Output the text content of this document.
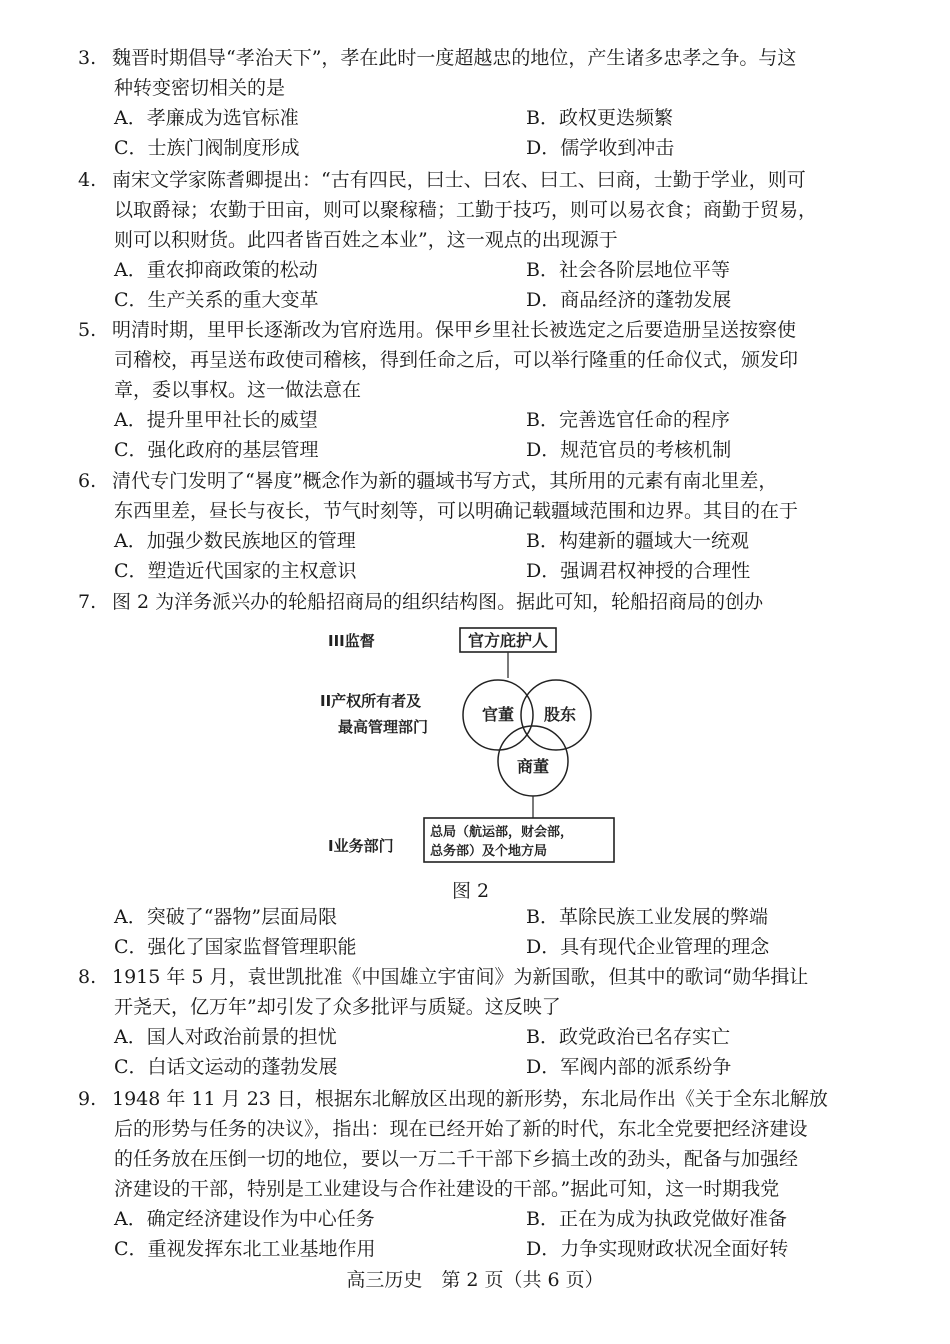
3. 魏晋时期倡导“孝治天下”，孝在此时一度超越忠的地位，产生诸多忠孝之争。与这
种转变密切相关的是
A．孝廉成为选官标准	B．政权更迭频繁
C．士族门阀制度形成	D．儒学收到冲击
4. 南宋文学家陈耆卿提出：“古有四民，曰士、曰农、曰工、曰商，士勤于学业，则可
以取爵禄；农勤于田亩，则可以聚稼穑；工勤于技巧，则可以易衣食；商勤于贸易，
则可以积财货。此四者皆百姓之本业”，这一观点的出现源于
A．重农抑商政策的松动	B．社会各阶层地位平等
C．生产关系的重大变革	D．商品经济的蓬勃发展
5. 明清时期，里甲长逐渐改为官府选用。保甲乡里社长被选定之后要造册呈送按察使
司稽校，再呈送布政使司稽核，得到任命之后，可以举行隆重的任命仪式，颁发印
章，委以事权。这一做法意在
A．提升里甲社长的威望	B．完善选官任命的程序
C．强化政府的基层管理	D．规范官员的考核机制
6. 清代专门发明了“晷度”概念作为新的疆域书写方式，其所用的元素有南北里差，
东西里差，昼长与夜长，节气时刻等，可以明确记载疆域范围和边界。其目的在于
A．加强少数民族地区的管理	B．构建新的疆域大一统观
C．塑造近代国家的主权意识	D．强调君权神授的合理性
7. 图 2 为洋务派兴办的轮船招商局的组织结构图。据此可知，轮船招商局的创办
III监督	官方庇护人
II产权所有者及
最高管理部门
官董 股东
商董
I业务部门
总局（航运部，财会部，
总务部）及个地方局
图 2
A．突破了“器物”层面局限	B．革除民族工业发展的弊端
C．强化了国家监督管理职能	D．具有现代企业管理的理念
8. 1915 年 5 月，袁世凯批准《中国雄立宇宙间》为新国歌，但其中的歌词“勋华揖让
开尧天，亿万年”却引发了众多批评与质疑。这反映了
A．国人对政治前景的担忧	B．政党政治已名存实亡
C．白话文运动的蓬勃发展	D．军阀内部的派系纷争
9. 1948 年 11 月 23 日，根据东北解放区出现的新形势，东北局作出《关于全东北解放
后的形势与任务的决议》，指出：现在已经开始了新的时代，东北全党要把经济建设
的任务放在压倒一切的地位，要以一万二千干部下乡搞土改的劲头，配备与加强经
济建设的干部，特别是工业建设与合作社建设的干部。”据此可知，这一时期我党
A．确定经济建设作为中心任务	B．正在为成为执政党做好准备
C．重视发挥东北工业基地作用	D．力争实现财政状况全面好转
高三历史　第 2 页（共 6 页）
